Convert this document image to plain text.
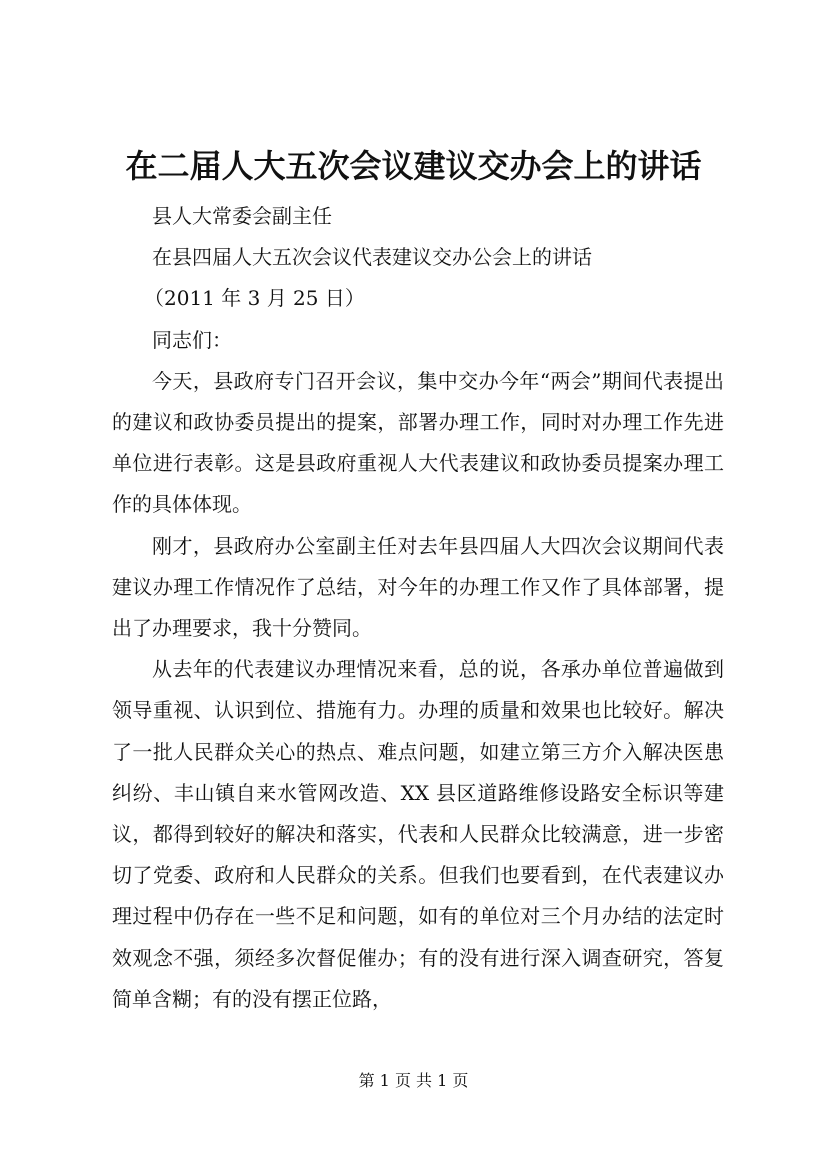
在二届人大五次会议建议交办会上的讲话

县人大常委会副主任

在县四届人大五次会议代表建议交办公会上的讲话

（2011 年 3 月 25 日）

同志们：

今天，县政府专门召开会议，集中交办今年“两会”期间代表提出的建议和政协委员提出的提案，部署办理工作，同时对办理工作先进单位进行表彰。这是县政府重视人大代表建议和政协委员提案办理工作的具体体现。

刚才，县政府办公室副主任对去年县四届人大四次会议期间代表建议办理工作情况作了总结，对今年的办理工作又作了具体部署，提出了办理要求，我十分赞同。

从去年的代表建议办理情况来看，总的说，各承办单位普遍做到领导重视、认识到位、措施有力。办理的质量和效果也比较好。解决了一批人民群众关心的热点、难点问题，如建立第三方介入解决医患纠纷、丰山镇自来水管网改造、XX 县区道路维修设路安全标识等建议，都得到较好的解决和落实，代表和人民群众比较满意，进一步密切了党委、政府和人民群众的关系。但我们也要看到，在代表建议办理过程中仍存在一些不足和问题，如有的单位对三个月办结的法定时效观念不强，须经多次督促催办；有的没有进行深入调查研究，答复简单含糊；有的没有摆正位路，

第 1 页 共 1 页
